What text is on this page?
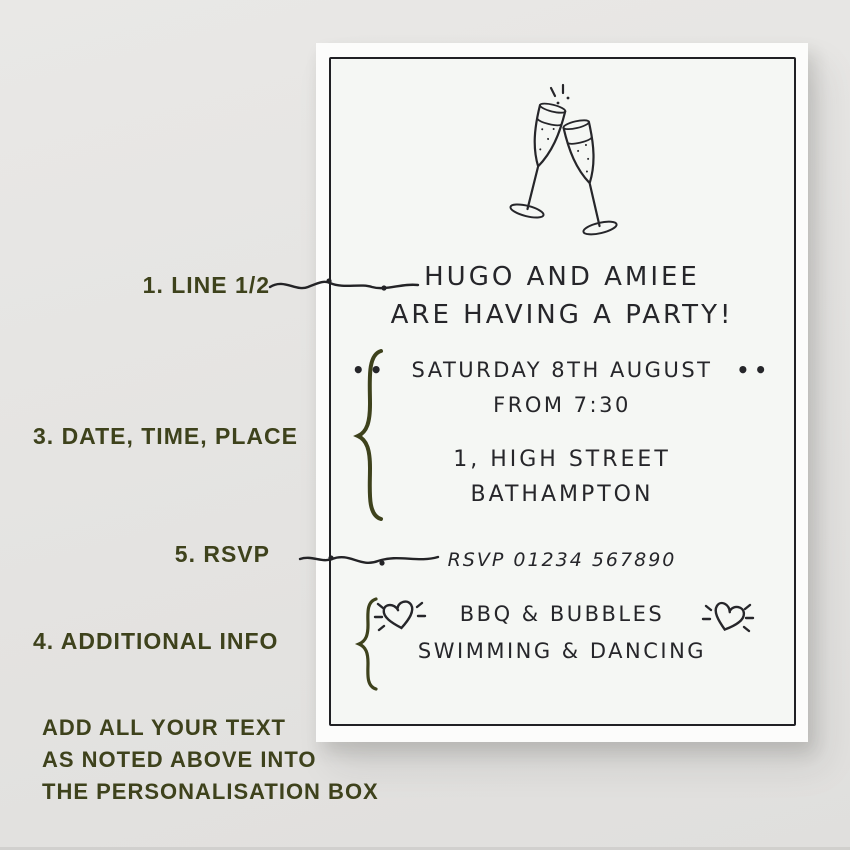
HUGO AND AMIEE
ARE HAVING A PARTY!
•• SATURDAY 8TH AUGUST ••
FROM 7:30
1, HIGH STREET
BATHAMPTON
RSVP 01234 567890
BBQ & BUBBLES
SWIMMING & DANCING
1. LINE 1/2
3. DATE, TIME, PLACE
5. RSVP
4. ADDITIONAL INFO
ADD ALL YOUR TEXT
AS NOTED ABOVE INTO
THE PERSONALISATION BOX
